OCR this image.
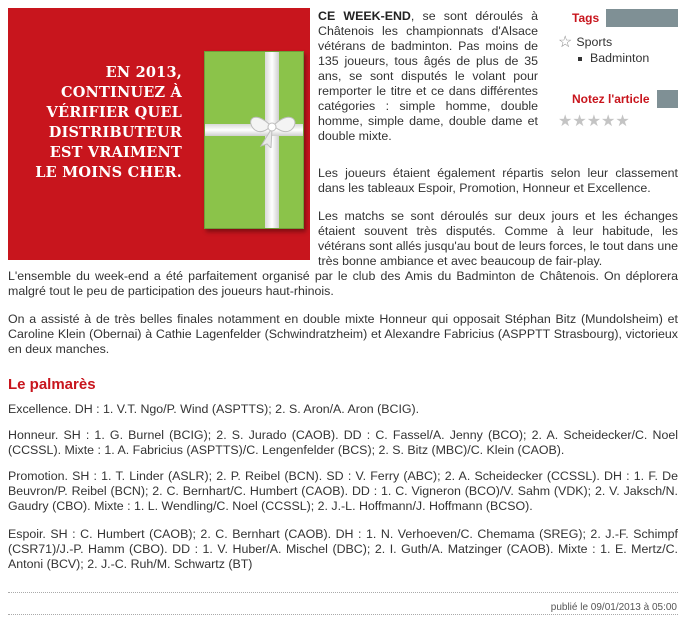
EN 2013,
CONTINUEZ À
VÉRIFIER QUEL
DISTRIBUTEUR
EST VRAIMENT
LE MOINS CHER.

CE WEEK-END, se sont déroulés à Châtenois les championnats d'Alsace vétérans de badminton. Pas moins de 135 joueurs, tous âgés de plus de 35 ans, se sont disputés le volant pour remporter le titre et ce dans différentes catégories : simple homme, double homme, simple dame, double dame et double mixte.

Les joueurs étaient également répartis selon leur classement dans les tableaux Espoir, Promotion, Honneur et Excellence.

Les matchs se sont déroulés sur deux jours et les échanges étaient souvent très disputés. Comme à leur habitude, les vétérans sont allés jusqu'au bout de leurs forces, le tout dans une très bonne ambiance et avec beaucoup de fair-play.

L'ensemble du week-end a été parfaitement organisé par le club des Amis du Badminton de Châtenois. On déplorera malgré tout le peu de participation des joueurs haut-rhinois.

On a assisté à de très belles finales notamment en double mixte Honneur qui opposait Stéphan Bitz (Mundolsheim) et Caroline Klein (Obernai) à Cathie Lagenfelder (Schwindratzheim) et Alexandre Fabricius (ASPPTT Strasbourg), victorieux en deux manches.

Tags
☆ Sports
Badminton
Notez l'article
★★★★★
Le palmarès

Excellence. DH : 1. V.T. Ngo/P. Wind (ASPTTS); 2. S. Aron/A. Aron (BCIG).

Honneur. SH : 1. G. Burnel (BCIG); 2. S. Jurado (CAOB). DD : C. Fassel/A. Jenny (BCO); 2. A. Scheidecker/C. Noel (CCSSL). Mixte : 1. A. Fabricius (ASPTTS)/C. Lengenfelder (BCS); 2. S. Bitz (MBC)/C. Klein (CAOB).

Promotion. SH : 1. T. Linder (ASLR); 2. P. Reibel (BCN). SD : V. Ferry (ABC); 2. A. Scheidecker (CCSSL). DH : 1. F. De Beuvron/P. Reibel (BCN); 2. C. Bernhart/C. Humbert (CAOB). DD : 1. C. Vigneron (BCO)/V. Sahm (VDK); 2. V. Jaksch/N. Gaudry (CBO). Mixte : 1. L. Wendling/C. Noel (CCSSL); 2. J.-L. Hoffmann/J. Hoffmann (BCSO).

Espoir. SH : C. Humbert (CAOB); 2. C. Bernhart (CAOB). DH : 1. N. Verhoeven/C. Chemama (SREG); 2. J.-F. Schimpf (CSR71)/J.-P. Hamm (CBO). DD : 1. V. Huber/A. Mischel (DBC); 2. I. Guth/A. Matzinger (CAOB). Mixte : 1. E. Mertz/C. Antoni (BCV); 2. J.-C. Ruh/M. Schwartz (BT)

publié le 09/01/2013 à 05:00
